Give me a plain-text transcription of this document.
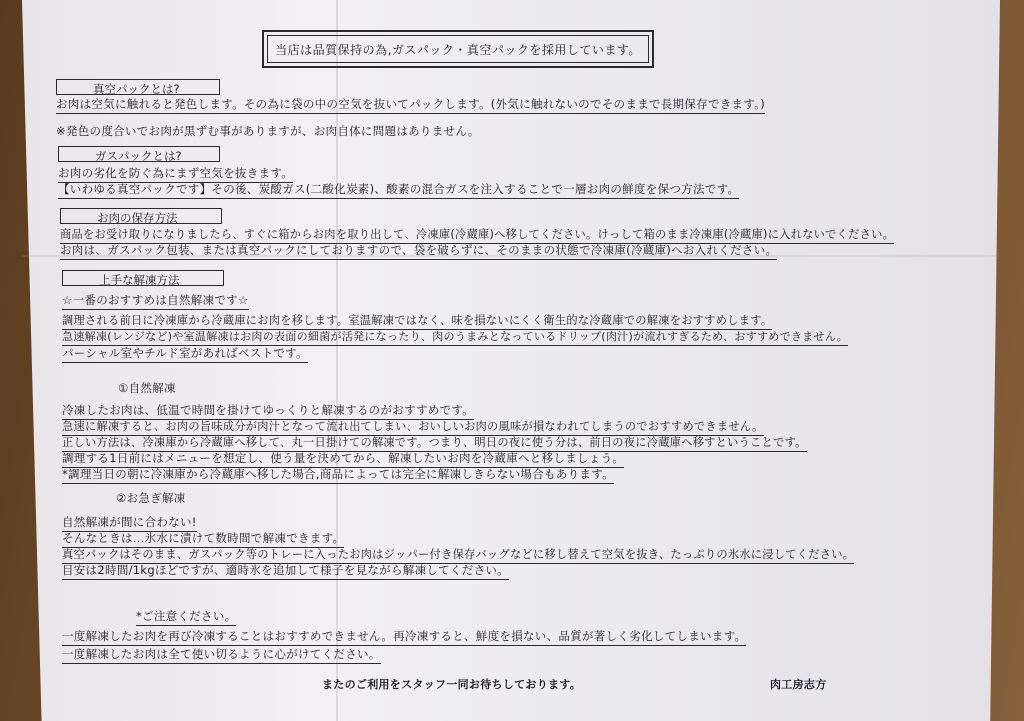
当店は品質保持の為,ガスパック・真空パックを採用しています。
真空パックとは?
お肉は空気に触れると発色します。その為に袋の中の空気を抜いてパックします。(外気に触れないのでそのままで長期保存できます。)
※発色の度合いでお肉が黒ずむ事がありますが、お肉自体に問題はありません。
ガスパックとは?
お肉の劣化を防ぐ為にまず空気を抜きます。
【いわゆる真空パックです】その後、炭酸ガス(二酸化炭素)、酸素の混合ガスを注入することで一層お肉の鮮度を保つ方法です。
お肉の保存方法
商品をお受け取りになりましたら、すぐに箱からお肉を取り出して、冷凍庫(冷蔵庫)へ移してください。けっして箱のまま冷凍庫(冷蔵庫)に入れないでください。
お肉は、ガスパック包装、または真空パックにしておりますので、袋を破らずに、そのままの状態で冷凍庫(冷蔵庫)へお入れください。
上手な解凍方法
☆一番のおすすめは自然解凍です☆
調理される前日に冷凍庫から冷蔵庫にお肉を移します。室温解凍ではなく、味を損ないにくく衛生的な冷蔵庫での解凍をおすすめします。
急速解凍(レンジなど)や室温解凍はお肉の表面の細菌が活発になったり、肉のうまみとなっているドリップ(肉汁)が流れすぎるため、おすすめできません。
パーシャル室やチルド室があればベストです。
①自然解凍
冷凍したお肉は、低温で時間を掛けてゆっくりと解凍するのがおすすめです。
急速に解凍すると、お肉の旨味成分が肉汁となって流れ出てしまい、おいしいお肉の風味が損なわれてしまうのでおすすめできません。
正しい方法は、冷凍庫から冷蔵庫へ移して、丸一日掛けての解凍です。つまり、明日の夜に使う分は、前日の夜に冷蔵庫へ移すということです。
調理する1日前にはメニューを想定し、使う量を決めてから、解凍したいお肉を冷蔵庫へと移しましょう。
*調理当日の朝に冷凍庫から冷蔵庫へ移した場合,商品によっては完全に解凍しきらない場合もあります。
②お急ぎ解凍
自然解凍が間に合わない!
そんなときは…氷水に漬けて数時間で解凍できます。
真空パックはそのまま、ガスパック等のトレーに入ったお肉はジッパー付き保存バッグなどに移し替えて空気を抜き、たっぷりの氷水に浸してください。
目安は2時間/1kgほどですが、適時氷を追加して様子を見ながら解凍してください。
*ご注意ください。
一度解凍したお肉を再び冷凍することはおすすめできません。再冷凍すると、鮮度を損ない、品質が著しく劣化してしまいます。
一度解凍したお肉は全て使い切るように心がけてください。
またのご利用をスタッフ一同お待ちしております。	肉工房志方
